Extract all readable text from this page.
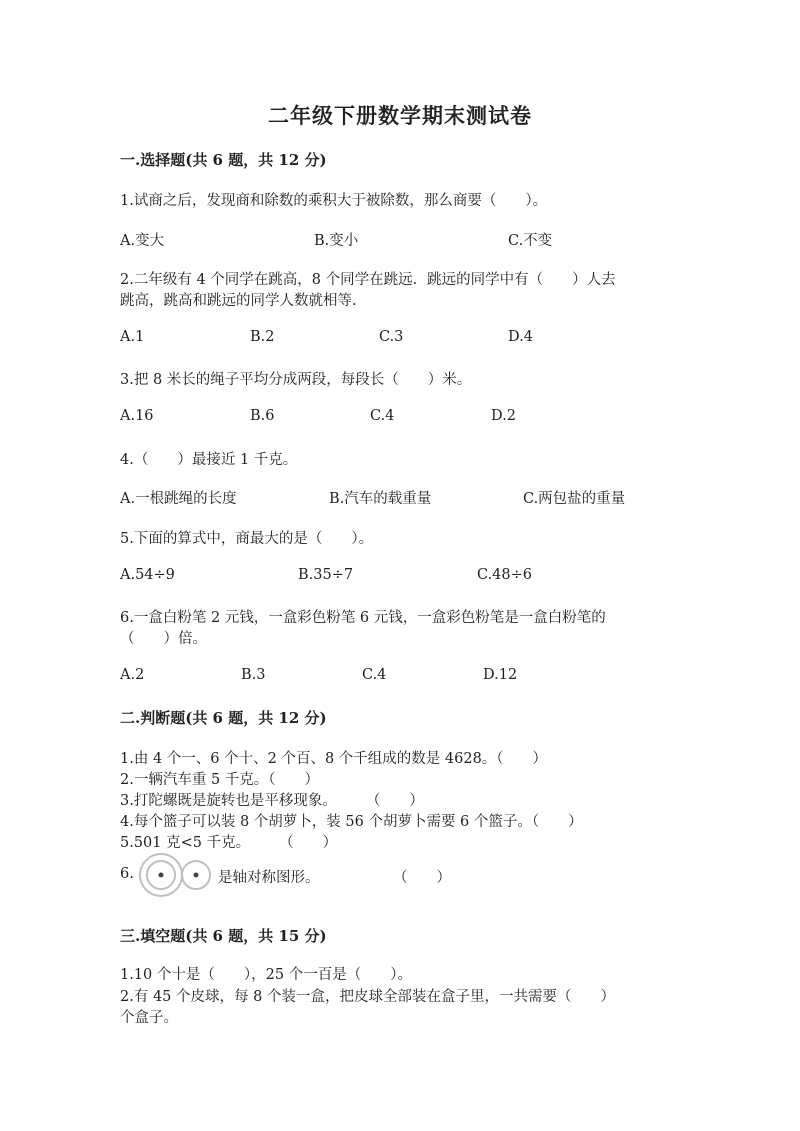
二年级下册数学期末测试卷
一.选择题(共 6 题，共 12 分)
1.试商之后，发现商和除数的乘积大于被除数，那么商要（　　）。
A.变大	B.变小	C.不变
2.二年级有 4 个同学在跳高，8 个同学在跳远．跳远的同学中有（　　）人去
跳高，跳高和跳远的同学人数就相等.
A.1	B.2	C.3	D.4
3.把 8 米长的绳子平均分成两段，每段长（　　）米。
A.16	B.6	C.4	D.2
4.（　　）最接近 1 千克。
A.一根跳绳的长度	B.汽车的载重量	C.两包盐的重量
5.下面的算式中，商最大的是（　　）。
A.54÷9	B.35÷7	C.48÷6
6.一盒白粉笔 2 元钱，一盒彩色粉笔 6 元钱，一盒彩色粉笔是一盒白粉笔的
（　　）倍。
A.2	B.3	C.4	D.12
二.判断题(共 6 题，共 12 分)
1.由 4 个一、6 个十、2 个百、8 个千组成的数是 4628。（　　）
2.一辆汽车重 5 千克。（　　）
3.打陀螺既是旋转也是平移现象。　　　（　　）
4.每个篮子可以装 8 个胡萝卜，装 56 个胡萝卜需要 6 个篮子。（　　）
5.501 克<5 千克。　　　（　　）
6.	是轴对称图形。	（　　）
三.填空题(共 6 题，共 15 分)
1.10 个十是（　　），25 个一百是（　　）。
2.有 45 个皮球，每 8 个装一盒，把皮球全部装在盒子里，一共需要（　　）
个盒子。
